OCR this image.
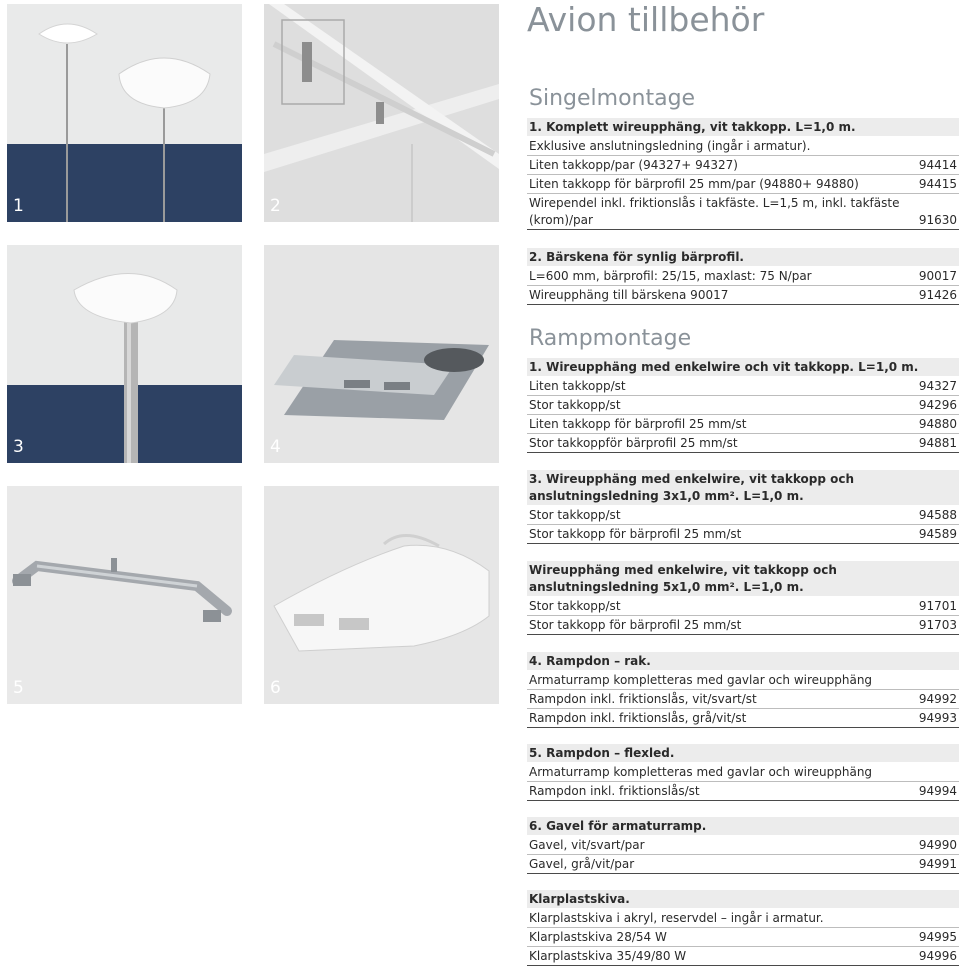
1	2
3	4
5	6
Avion tillbehör
Singelmontage
Rampmontage
1. Komplett wireupphäng, vit takkopp. L=1,0 m.
Exklusive anslutningsledning (ingår i armatur).
Liten takkopp/par (94327+ 94327)	94414
Liten takkopp för bärprofil 25 mm/par (94880+ 94880)	94415
Wirependel inkl. friktionslås i takfäste. L=1,5 m, inkl. takfäste (krom)/par	91630
2. Bärskena för synlig bärprofil.
L=600 mm, bärprofil: 25/15, maxlast: 75 N/par	90017
Wireupphäng till bärskena 90017	91426
1. Wireupphäng med enkelwire och vit takkopp. L=1,0 m.
Liten takkopp/st	94327
Stor takkopp/st	94296
Liten takkopp för bärprofil 25 mm/st	94880
Stor takkoppför bärprofil 25 mm/st	94881
3. Wireupphäng med enkelwire, vit takkopp och anslutningsledning 3x1,0 mm². L=1,0 m.
Stor takkopp/st	94588
Stor takkopp för bärprofil 25 mm/st	94589
Wireupphäng med enkelwire, vit takkopp och anslutningsledning 5x1,0 mm². L=1,0 m.
Stor takkopp/st	91701
Stor takkopp för bärprofil 25 mm/st	91703
4. Rampdon – rak.
Armaturramp kompletteras med gavlar och wireupphäng
Rampdon inkl. friktionslås, vit/svart/st	94992
Rampdon inkl. friktionslås, grå/vit/st	94993
5. Rampdon – flexled.
Armaturramp kompletteras med gavlar och wireupphäng
Rampdon inkl. friktionslås/st	94994
6. Gavel för armaturramp.
Gavel, vit/svart/par	94990
Gavel, grå/vit/par	94991
Klarplastskiva.
Klarplastskiva i akryl, reservdel – ingår i armatur.
Klarplastskiva 28/54 W	94995
Klarplastskiva 35/49/80 W	94996
